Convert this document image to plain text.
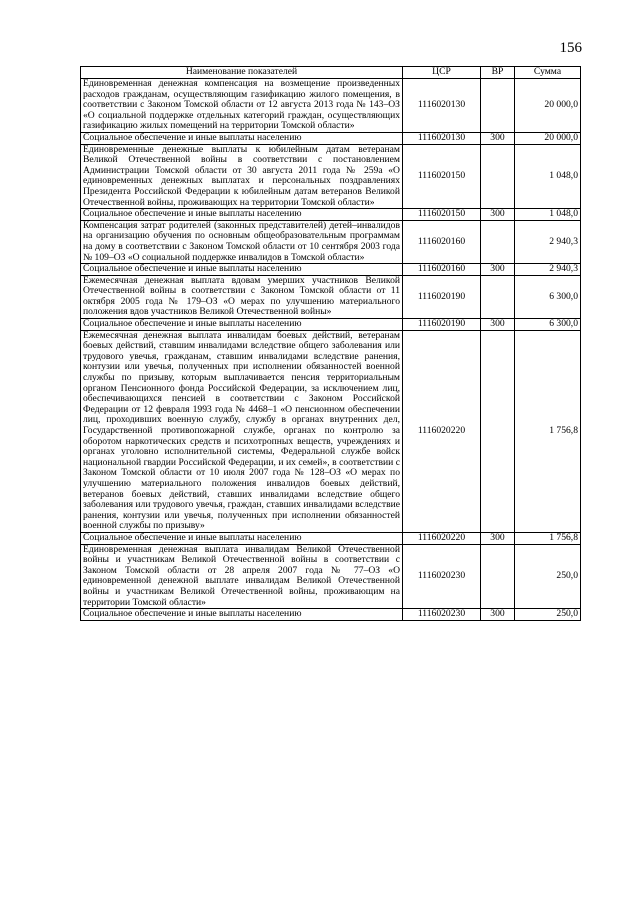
156
Наименование показателей	ЦСР	ВР	Сумма
Единовременная денежная компенсация на возмещение произведенных расходов гражданам, осуществляющим газификацию жилого помещения, в соответствии с Законом Томской области от 12 августа 2013 года № 143–ОЗ «О социальной поддержке отдельных категорий граждан, осуществляющих газификацию жилых помещений на территории Томской области»	1116020130		20 000,0
Социальное обеспечение и иные выплаты населению	1116020130	300	20 000,0
Единовременные денежные выплаты к юбилейным датам ветеранам Великой Отечественной войны в соответствии с постановлением Администрации Томской области от 30 августа 2011 года № 259а «О единовременных денежных выплатах и персональных поздравлениях Президента Российской Федерации к юбилейным датам ветеранов Великой Отечественной войны, проживающих на территории Томской области»	1116020150		1 048,0
Социальное обеспечение и иные выплаты населению	1116020150	300	1 048,0
Компенсация затрат родителей (законных представителей) детей–инвалидов на организацию обучения по основным общеобразовательным программам на дому в соответствии с Законом Томской области от 10 сентября 2003 года № 109–ОЗ «О социальной поддержке инвалидов в Томской области»	1116020160		2 940,3
Социальное обеспечение и иные выплаты населению	1116020160	300	2 940,3
Ежемесячная денежная выплата вдовам умерших участников Великой Отечественной войны в соответствии с Законом Томской области от 11 октября 2005 года № 179–ОЗ «О мерах по улучшению материального положения вдов участников Великой Отечественной войны»	1116020190		6 300,0
Социальное обеспечение и иные выплаты населению	1116020190	300	6 300,0
Ежемесячная денежная выплата инвалидам боевых действий, ветеранам боевых действий, ставшим инвалидами вследствие общего заболевания или трудового увечья, гражданам, ставшим инвалидами вследствие ранения, контузии или увечья, полученных при исполнении обязанностей военной службы по призыву, которым выплачивается пенсия территориальным органом Пенсионного фонда Российской Федерации, за исключением лиц, обеспечивающихся пенсией в соответствии с Законом Российской Федерации от 12 февраля 1993 года № 4468–1 «О пенсионном обеспечении лиц, проходивших военную службу, службу в органах внутренних дел, Государственной противопожарной службе, органах по контролю за оборотом наркотических средств и психотропных веществ, учреждениях и органах уголовно исполнительной системы, Федеральной службе войск национальной гвардии Российской Федерации, и их семей», в соответствии с Законом Томской области от 10 июля 2007 года № 128–ОЗ «О мерах по улучшению материального положения инвалидов боевых действий, ветеранов боевых действий, ставших инвалидами вследствие общего заболевания или трудового увечья, граждан, ставших инвалидами вследствие ранения, контузии или увечья, полученных при исполнении обязанностей военной службы по призыву»	1116020220		1 756,8
Социальное обеспечение и иные выплаты населению	1116020220	300	1 756,8
Единовременная денежная выплата инвалидам Великой Отечественной войны и участникам Великой Отечественной войны в соответствии с Законом Томской области от 28 апреля 2007 года № 77–ОЗ «О единовременной денежной выплате инвалидам Великой Отечественной войны и участникам Великой Отечественной войны, проживающим на территории Томской области»	1116020230		250,0
Социальное обеспечение и иные выплаты населению	1116020230	300	250,0
